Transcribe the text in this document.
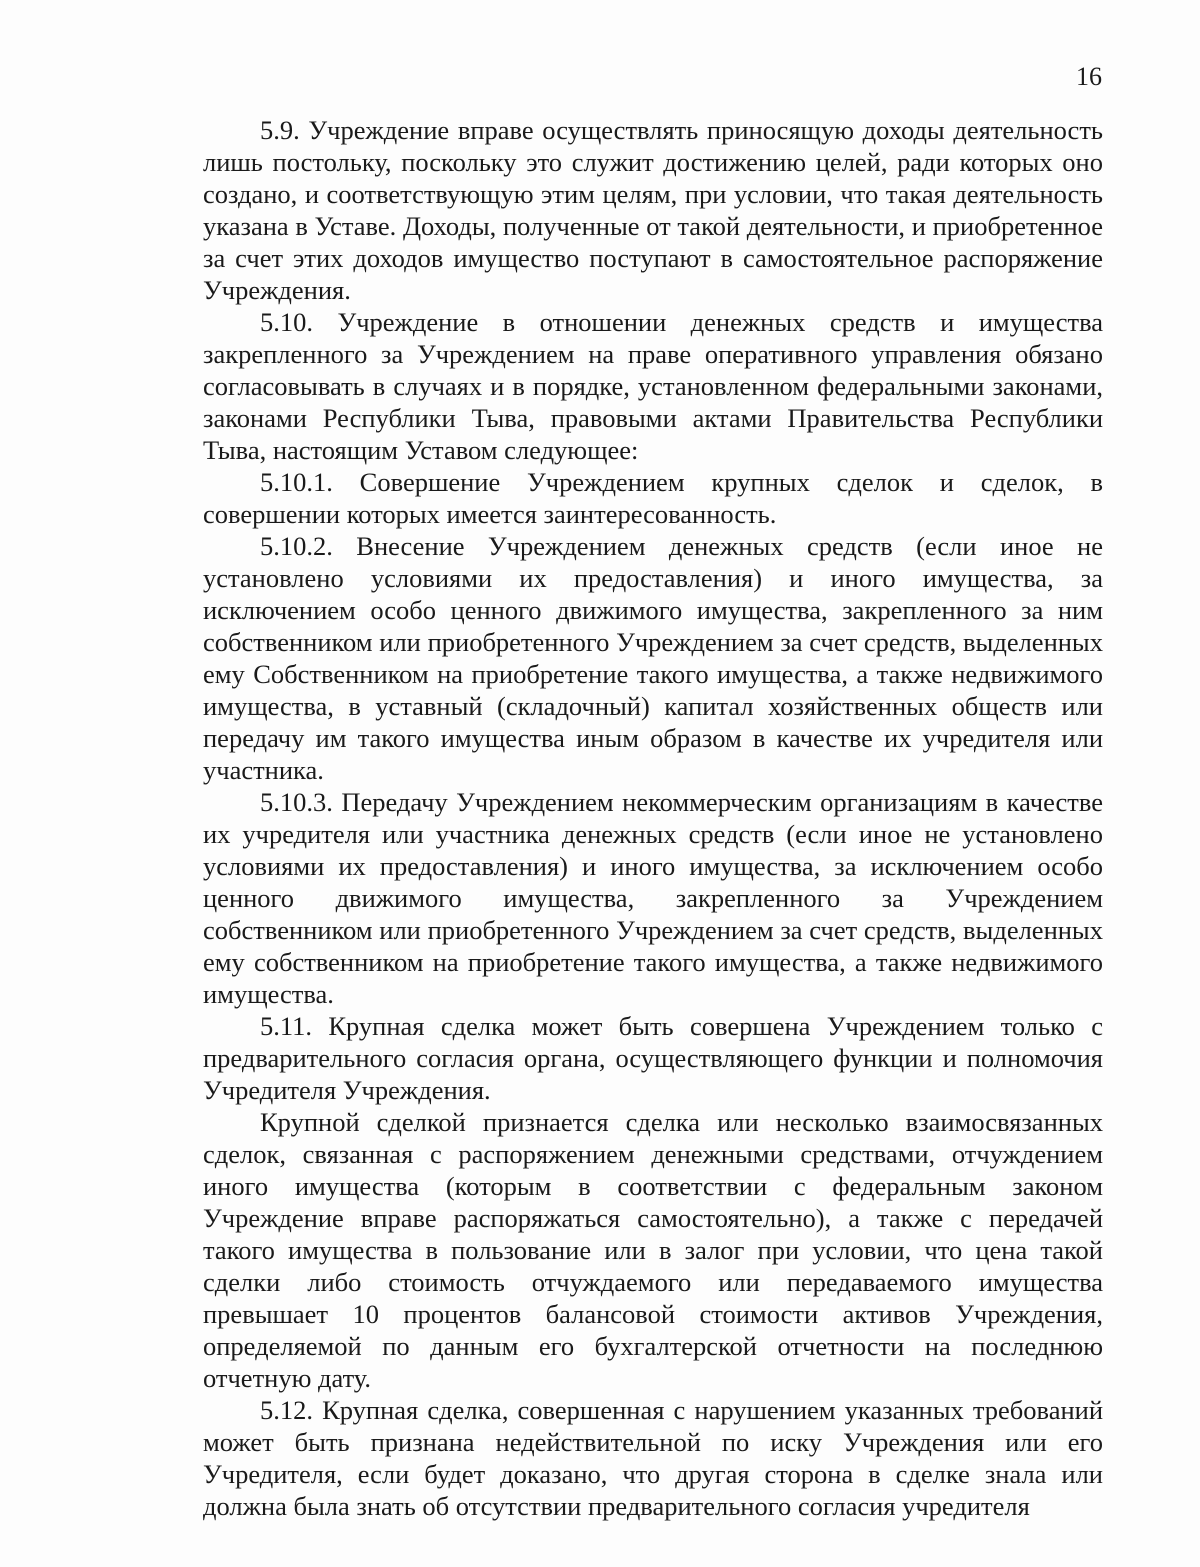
16

5.9. Учреждение вправе осуществлять приносящую доходы деятельность лишь постольку, поскольку это служит достижению целей, ради которых оно создано, и соответствующую этим целям, при условии, что такая деятельность указана в Уставе. Доходы, полученные от такой деятельности, и приобретенное за счет этих доходов имущество поступают в самостоятельное распоряжение Учреждения.

5.10. Учреждение в отношении денежных средств и имущества закрепленного за Учреждением на праве оперативного управления обязано согласовывать в случаях и в порядке, установленном федеральными законами, законами Республики Тыва, правовыми актами Правительства Республики Тыва, настоящим Уставом следующее:

5.10.1. Совершение Учреждением крупных сделок и сделок, в совершении которых имеется заинтересованность.

5.10.2. Внесение Учреждением денежных средств (если иное не установлено условиями их предоставления) и иного имущества, за исключением особо ценного движимого имущества, закрепленного за ним собственником или приобретенного Учреждением за счет средств, выделенных ему Собственником на приобретение такого имущества, а также недвижимого имущества, в уставный (складочный) капитал хозяйственных обществ или передачу им такого имущества иным образом в качестве их учредителя или участника.

5.10.3. Передачу Учреждением некоммерческим организациям в качестве их учредителя или участника денежных средств (если иное не установлено условиями их предоставления) и иного имущества, за исключением особо ценного движимого имущества, закрепленного за Учреждением собственником или приобретенного Учреждением за счет средств, выделенных ему собственником на приобретение такого имущества, а также недвижимого имущества.

5.11. Крупная сделка может быть совершена Учреждением только с предварительного согласия органа, осуществляющего функции и полномочия Учредителя Учреждения.

Крупной сделкой признается сделка или несколько взаимосвязанных сделок, связанная с распоряжением денежными средствами, отчуждением иного имущества (которым в соответствии с федеральным законом Учреждение вправе распоряжаться самостоятельно), а также с передачей такого имущества в пользование или в залог при условии, что цена такой сделки либо стоимость отчуждаемого или передаваемого имущества превышает 10 процентов балансовой стоимости активов Учреждения, определяемой по данным его бухгалтерской отчетности на последнюю отчетную дату.

5.12. Крупная сделка, совершенная с нарушением указанных требований может быть признана недействительной по иску Учреждения или его Учредителя, если будет доказано, что другая сторона в сделке знала или должна была знать об отсутствии предварительного согласия учредителя
